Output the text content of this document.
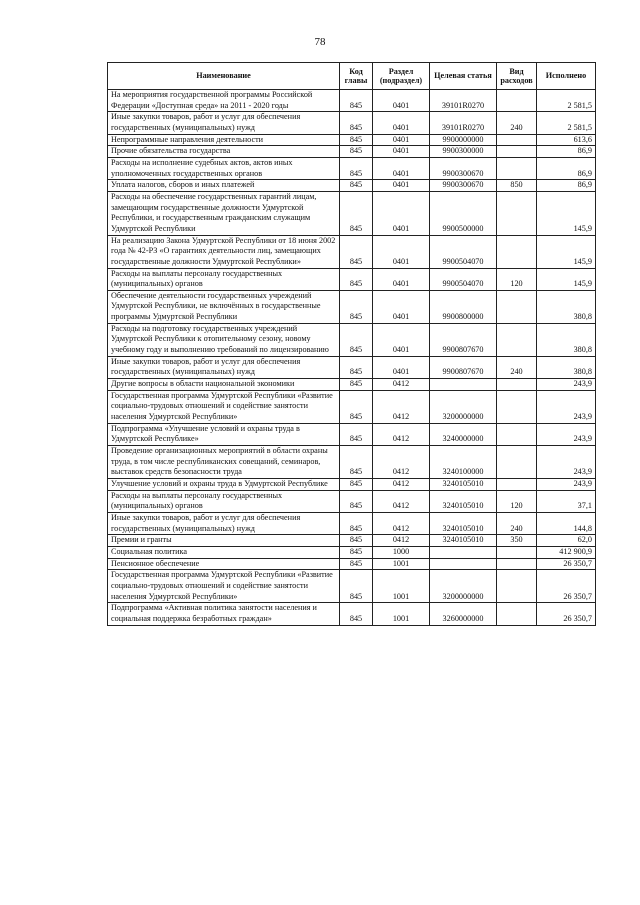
78
Наименование	Код главы	Раздел (подраздел)	Целевая статья	Вид расходов	Исполнено
На мероприятия государственной программы Российской Федерации «Доступная среда» на 2011 - 2020 годы	845	0401	39101R0270		2 581,5
Иные закупки товаров, работ и услуг для обеспечения государственных (муниципальных) нужд	845	0401	39101R0270	240	2 581,5
Непрограммные направления деятельности	845	0401	9900000000		613,6
Прочие обязательства государства	845	0401	9900300000		86,9
Расходы на исполнение судебных актов, актов иных уполномоченных государственных органов	845	0401	9900300670		86,9
Уплата налогов, сборов и иных платежей	845	0401	9900300670	850	86,9
Расходы на обеспечение государственных гарантий лицам, замещающим государственные должности Удмуртской Республики, и государственным гражданским служащим Удмуртской Республики	845	0401	9900500000		145,9
На реализацию Закона Удмуртской Республики от 18 июня 2002 года № 42-РЗ «О гарантиях деятельности лиц, замещающих государственные должности Удмуртской Республики»	845	0401	9900504070		145,9
Расходы на выплаты персоналу государственных (муниципальных) органов	845	0401	9900504070	120	145,9
Обеспечение деятельности государственных учреждений Удмуртской Республики, не включённых в государственные программы Удмуртской Республики	845	0401	9900800000		380,8
Расходы на подготовку государственных учреждений Удмуртской Республики к отопительному сезону, новому учебному году и выполнению требований по лицензированию	845	0401	9900807670		380,8
Иные закупки товаров, работ и услуг для обеспечения государственных (муниципальных) нужд	845	0401	9900807670	240	380,8
Другие вопросы в области национальной экономики	845	0412			243,9
Государственная программа Удмуртской Республики «Развитие социально-трудовых отношений и содействие занятости населения Удмуртской Республики»	845	0412	3200000000		243,9
Подпрограмма «Улучшение условий и охраны труда в Удмуртской Республике»	845	0412	3240000000		243,9
Проведение организационных мероприятий в области охраны труда, в том числе республиканских совещаний, семинаров, выставок средств безопасности труда	845	0412	3240100000		243,9
Улучшение условий и охраны труда в Удмуртской Республике	845	0412	3240105010		243,9
Расходы на выплаты персоналу государственных (муниципальных) органов	845	0412	3240105010	120	37,1
Иные закупки товаров, работ и услуг для обеспечения государственных (муниципальных) нужд	845	0412	3240105010	240	144,8
Премии и гранты	845	0412	3240105010	350	62,0
Социальная политика	845	1000			412 900,9
Пенсионное обеспечение	845	1001			26 350,7
Государственная программа Удмуртской Республики «Развитие социально-трудовых отношений и содействие занятости населения Удмуртской Республики»	845	1001	3200000000		26 350,7
Подпрограмма «Активная политика занятости населения и социальная поддержка безработных граждан»	845	1001	3260000000		26 350,7
